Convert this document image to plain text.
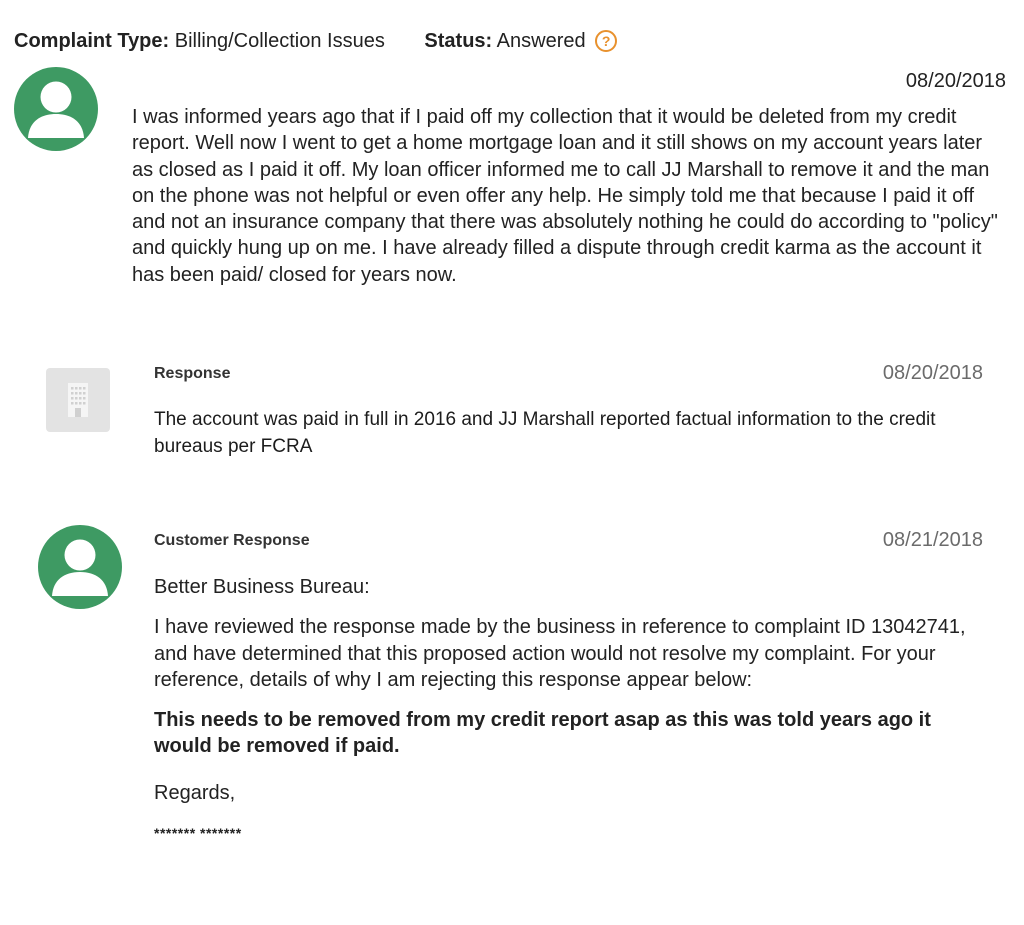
Complaint Type: Billing/Collection Issues Status: Answered ?
08/20/2018
I was informed years ago that if I paid off my collection that it would be deleted from my credit report. Well now I went to get a home mortgage loan and it still shows on my account years later as closed as I paid it off. My loan officer informed me to call JJ Marshall to remove it and the man on the phone was not helpful or even offer any help. He simply told me that because I paid it off and not an insurance company that there was absolutely nothing he could do according to "policy" and quickly hung up on me. I have already filled a dispute through credit karma as the account it has been paid/ closed for years now.
Response	08/20/2018
The account was paid in full in 2016 and JJ Marshall reported factual information to the credit bureaus per FCRA
Customer Response	08/21/2018

Better Business Bureau:

I have reviewed the response made by the business in reference to complaint ID 13042741, and have determined that this proposed action would not resolve my complaint. For your reference, details of why I am rejecting this response appear below:

This needs to be removed from my credit report asap as this was told years ago it would be removed if paid.

Regards,

******* *******
